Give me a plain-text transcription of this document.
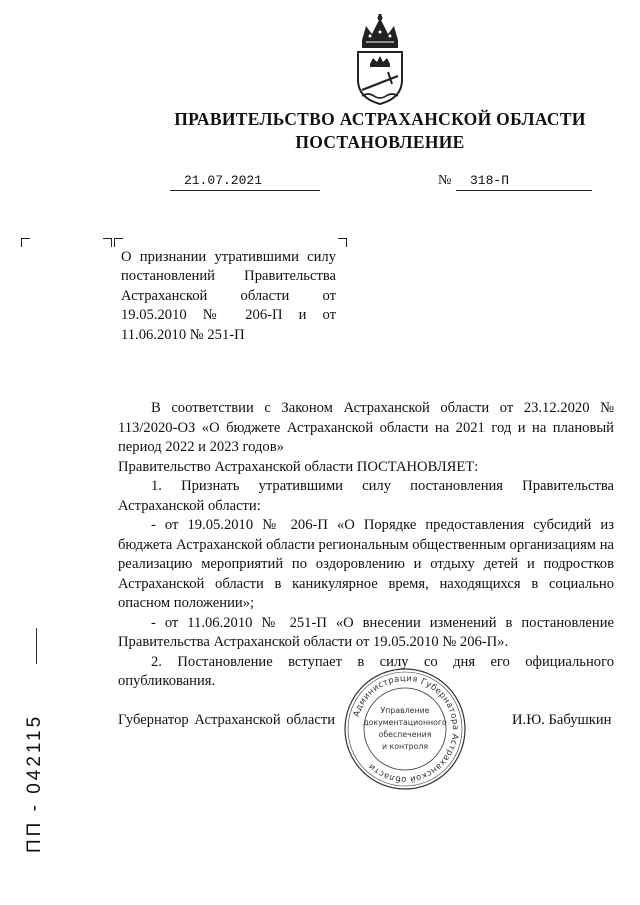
ПРАВИТЕЛЬСТВО АСТРАХАНСКОЙ ОБЛАСТИ
ПОСТАНОВЛЕНИЕ
21.07.2021	№	318-П
О признании утратившими силу постановлений Правительства Астраханской области от 19.05.2010 № 206-П и от 11.06.2010 № 251-П

В соответствии с Законом Астраханской области от 23.12.2020 № 113/2020-ОЗ «О бюджете Астраханской области на 2021 год и на плановый период 2022 и 2023 годов»

Правительство Астраханской области ПОСТАНОВЛЯЕТ:

1. Признать утратившими силу постановления Правительства Астраханской области:

- от 19.05.2010 № 206-П «О Порядке предоставления субсидий из бюджета Астраханской области региональным общественным организациям на реализацию мероприятий по оздоровлению и отдыху детей и подростков Астраханской области в каникулярное время, находящихся в социально опасном положении»;

- от 11.06.2010 № 251-П «О внесении изменений в постановление Правительства Астраханской области от 19.05.2010 № 206-П».

2. Постановление вступает в силу со дня его официального опубликования.

Администрация Губернатора Астраханской области
Управление
документационного
обеспечения
и контроля
Губернатор Астраханской области	И.Ю. Бабушкин
ПП - 042115
